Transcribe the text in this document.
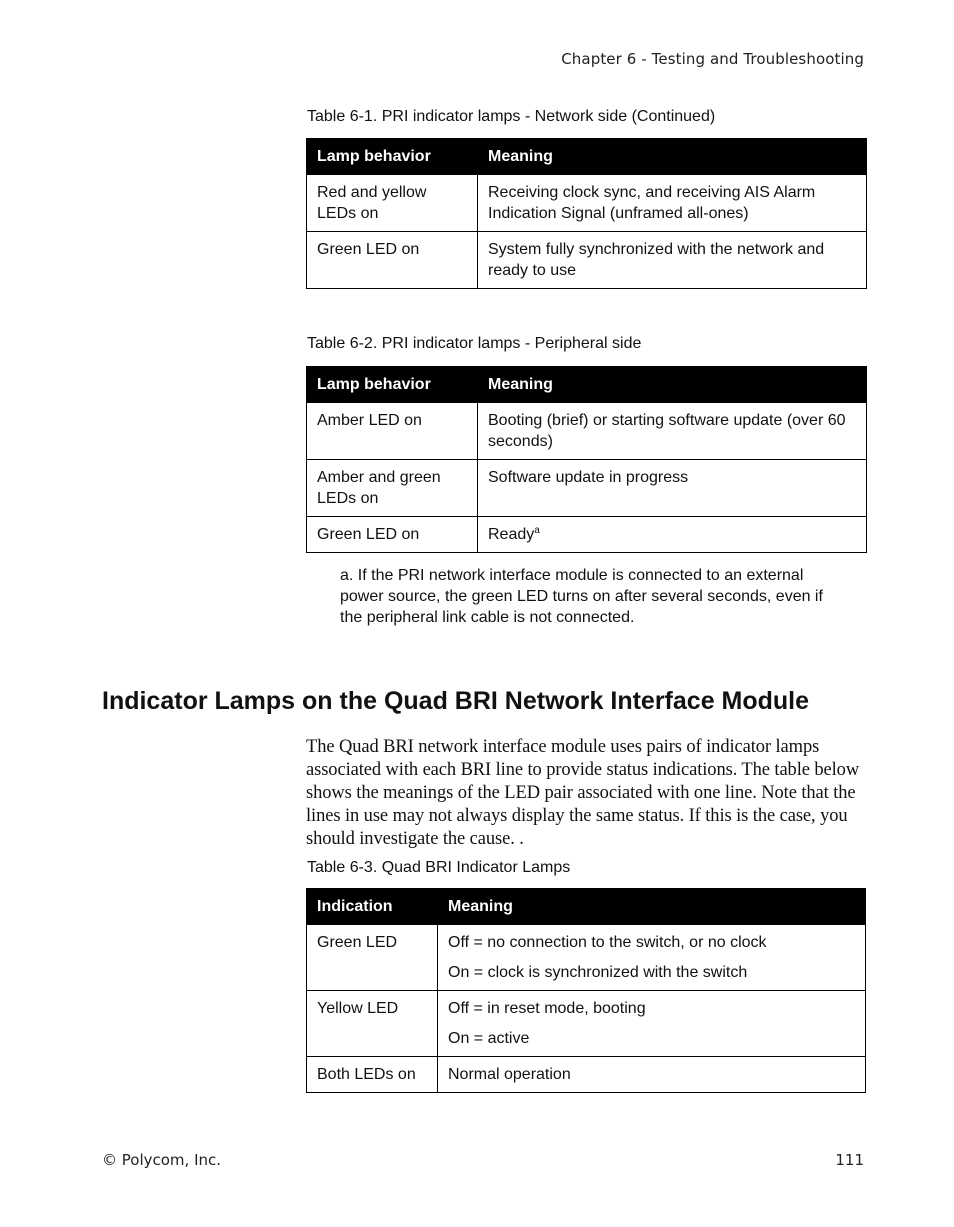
Chapter 6 - Testing and Troubleshooting
Table 6-1. PRI indicator lamps - Network side (Continued)
Lamp behavior	Meaning
Red and yellow LEDs on	Receiving clock sync, and receiving AIS Alarm Indication Signal (unframed all-ones)
Green LED on	System fully synchronized with the network and ready to use
Table 6-2. PRI indicator lamps - Peripheral side
Lamp behavior	Meaning
Amber LED on	Booting (brief) or starting software update (over 60 seconds)
Amber and green LEDs on	Software update in progress
Green LED on	Ready$^a$
a. If the PRI network interface module is connected to an external power source, the green LED turns on after several seconds, even if the peripheral link cable is not connected.
Indicator Lamps on the Quad BRI Network Interface Module

The Quad BRI network interface module uses pairs of indicator lamps associated with each BRI line to provide status indications. The table below shows the meanings of the LED pair associated with one line. Note that the lines in use may not always display the same status. If this is the case, you should investigate the cause. .

Table 6-3. Quad BRI Indicator Lamps
Indication	Meaning
Green LED	Off = no connection to the switch, or no clock

On = clock is synchronized with the switch

Yellow LED	Off = in reset mode, booting

On = active

Both LEDs on	Normal operation

© Polycom, Inc.	111
